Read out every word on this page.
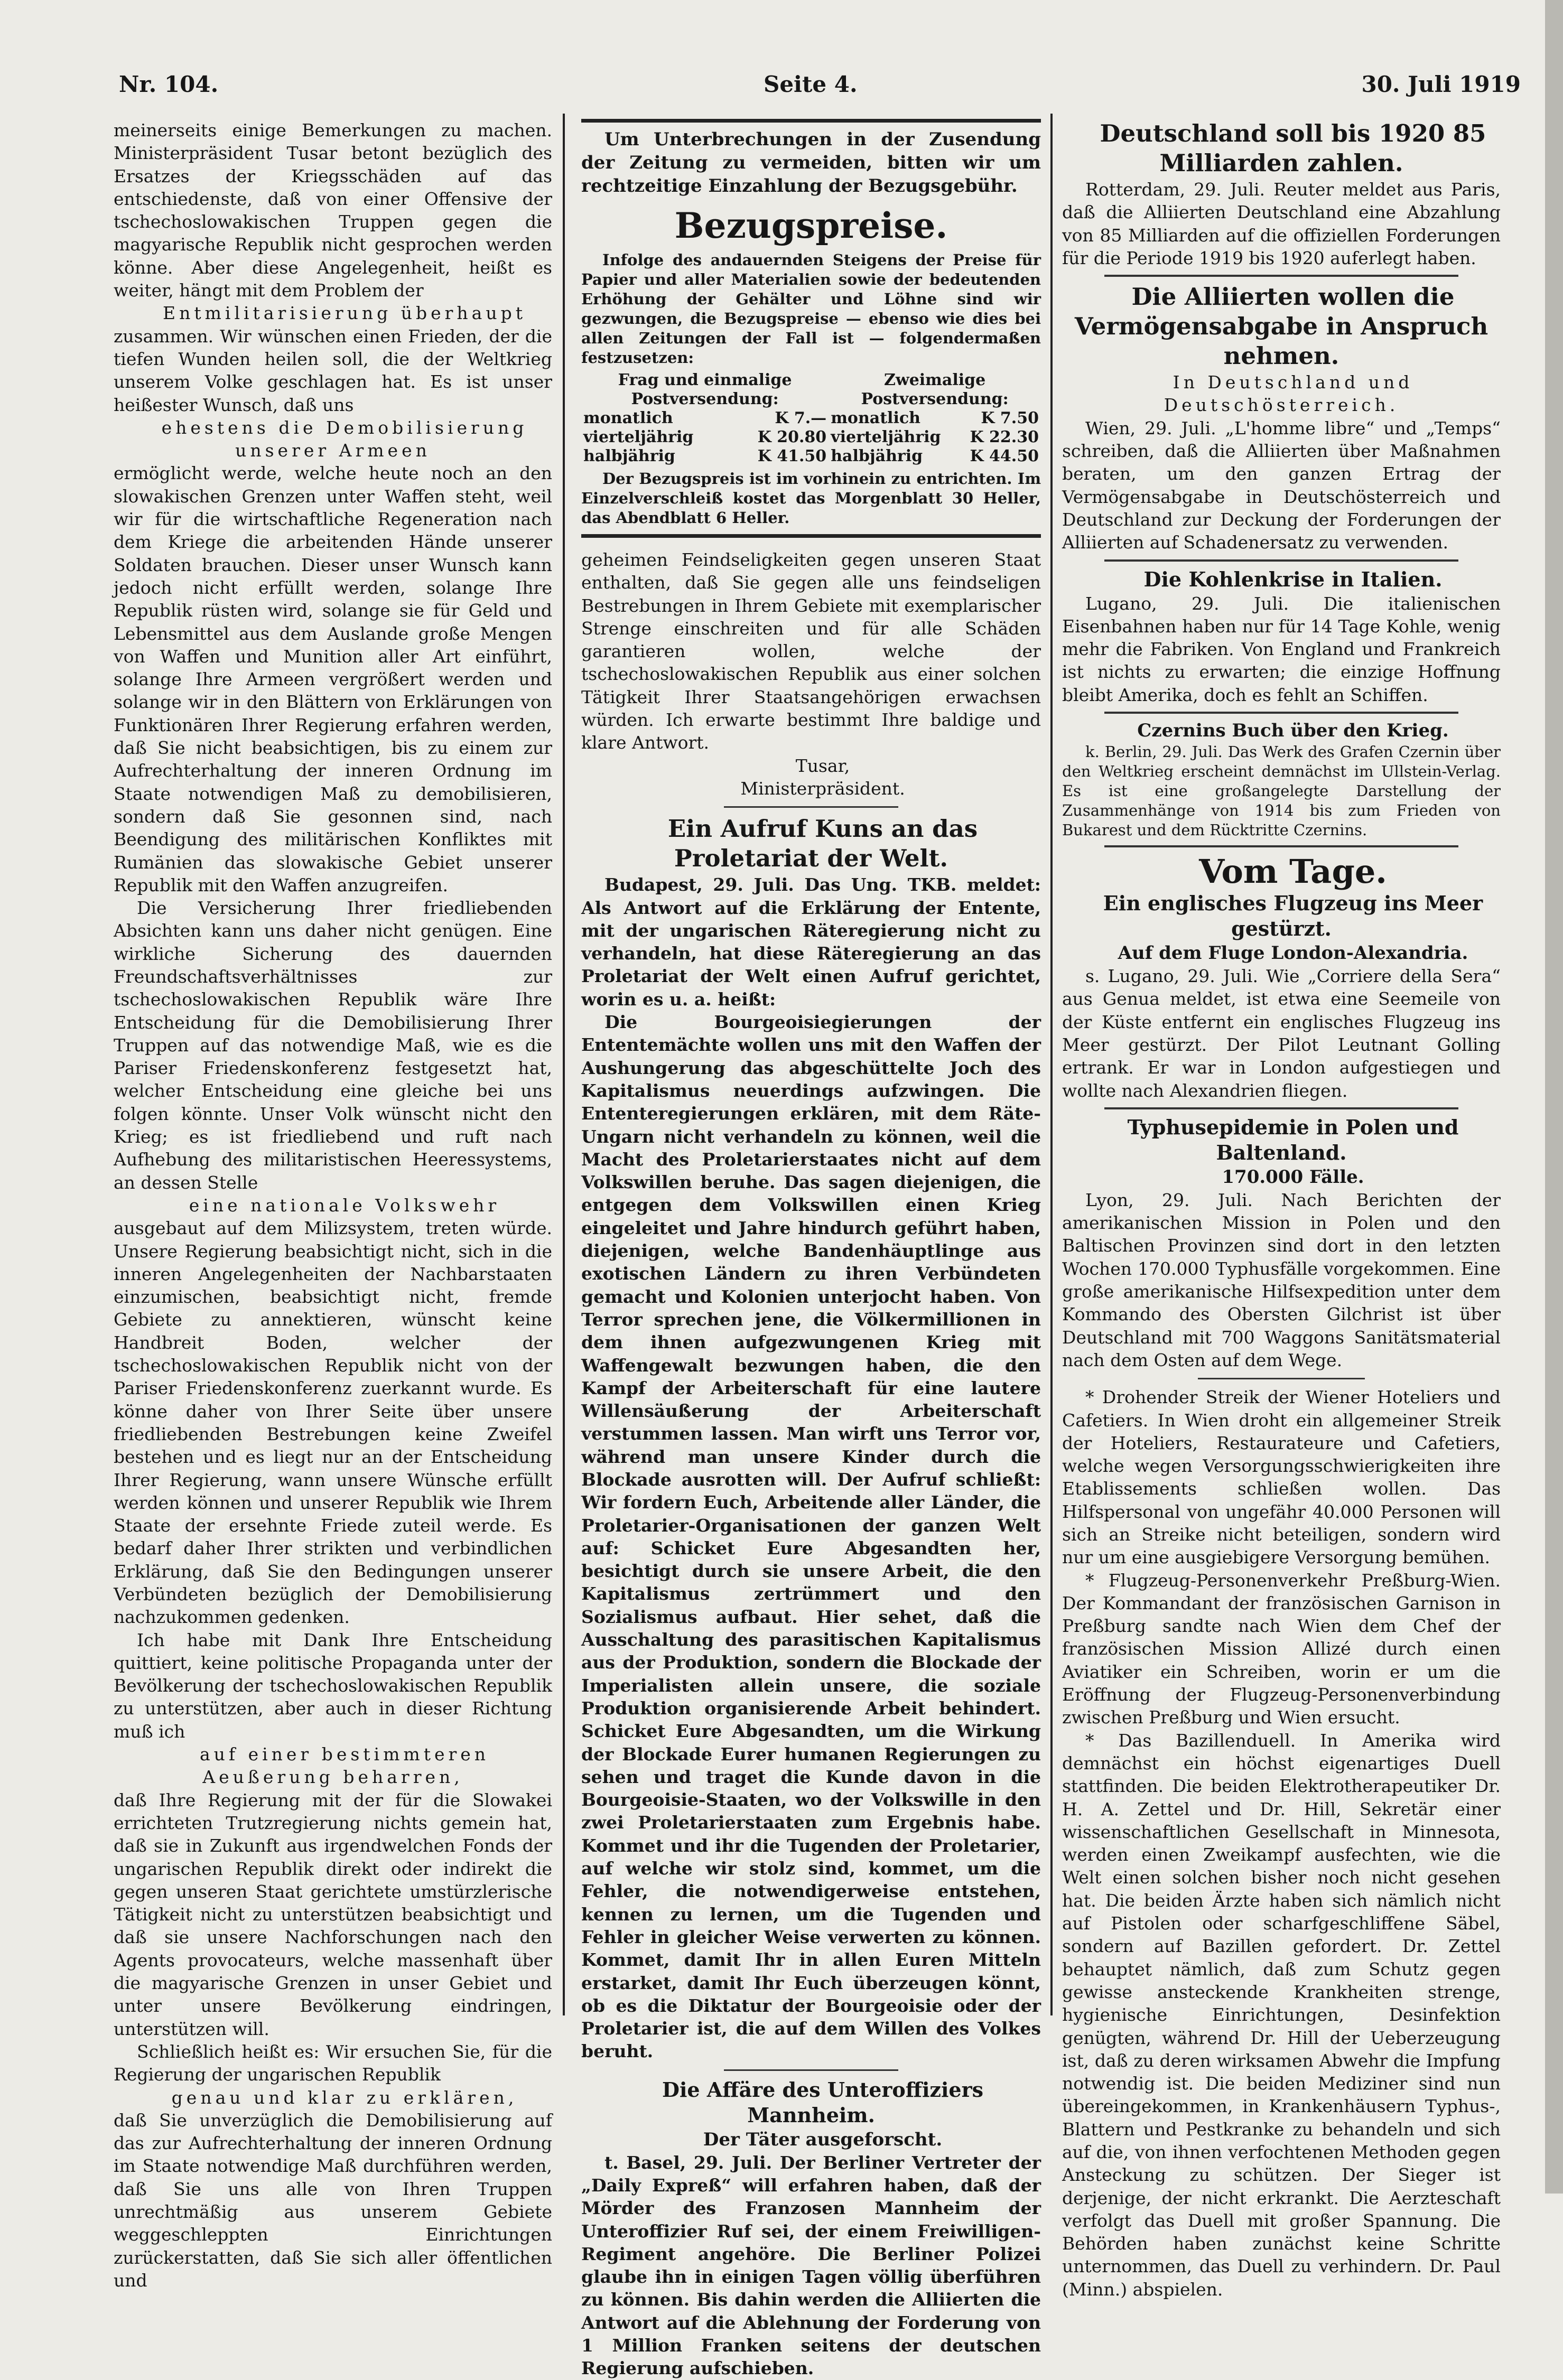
Nr. 104.	Seite 4.	30. Juli 1919

meinerseits einige Bemerkungen zu machen. Ministerpräsident Tusar betont bezüglich des Ersatzes der Kriegsschäden auf das entschiedenste, daß von einer Offensive der tschechoslowakischen Truppen gegen die magyarische Republik nicht gesprochen werden könne. Aber diese Angelegenheit, heißt es weiter, hängt mit dem Problem der

Entmilitarisierung überhaupt

zusammen. Wir wünschen einen Frieden, der die tiefen Wunden heilen soll, die der Weltkrieg unserem Volke geschlagen hat. Es ist unser heißester Wunsch, daß uns

ehestens die Demobilisierung unserer Armeen

ermöglicht werde, welche heute noch an den slowakischen Grenzen unter Waffen steht, weil wir für die wirtschaftliche Regeneration nach dem Kriege die arbeitenden Hände unserer Soldaten brauchen. Dieser unser Wunsch kann jedoch nicht erfüllt werden, solange Ihre Republik rüsten wird, solange sie für Geld und Lebensmittel aus dem Auslande große Mengen von Waffen und Munition aller Art einführt, solange Ihre Armeen vergrößert werden und solange wir in den Blättern von Erklärungen von Funktionären Ihrer Regierung erfahren werden, daß Sie nicht beabsichtigen, bis zu einem zur Aufrechterhaltung der inneren Ordnung im Staate notwendigen Maß zu demobilisieren, sondern daß Sie gesonnen sind, nach Beendigung des militärischen Konfliktes mit Rumänien das slowakische Gebiet unserer Republik mit den Waffen anzugreifen.

Die Versicherung Ihrer friedliebenden Absichten kann uns daher nicht genügen. Eine wirkliche Sicherung des dauernden Freundschaftsverhältnisses zur tschechoslowakischen Republik wäre Ihre Entscheidung für die Demobilisierung Ihrer Truppen auf das notwendige Maß, wie es die Pariser Friedenskonferenz festgesetzt hat, welcher Entscheidung eine gleiche bei uns folgen könnte. Unser Volk wünscht nicht den Krieg; es ist friedliebend und ruft nach Aufhebung des militaristischen Heeressystems, an dessen Stelle

eine nationale Volkswehr

ausgebaut auf dem Milizsystem, treten würde. Unsere Regierung beabsichtigt nicht, sich in die inneren Angelegenheiten der Nachbarstaaten einzumischen, beabsichtigt nicht, fremde Gebiete zu annektieren, wünscht keine Handbreit Boden, welcher der tschechoslowakischen Republik nicht von der Pariser Friedenskonferenz zuerkannt wurde. Es könne daher von Ihrer Seite über unsere friedliebenden Bestrebungen keine Zweifel bestehen und es liegt nur an der Entscheidung Ihrer Regierung, wann unsere Wünsche erfüllt werden können und unserer Republik wie Ihrem Staate der ersehnte Friede zuteil werde. Es bedarf daher Ihrer strikten und verbindlichen Erklärung, daß Sie den Bedingungen unserer Verbündeten bezüglich der Demobilisierung nachzukommen gedenken.

Ich habe mit Dank Ihre Entscheidung quittiert, keine politische Propaganda unter der Bevölkerung der tschechoslowakischen Republik zu unterstützen, aber auch in dieser Richtung muß ich

auf einer bestimmteren Aeußerung beharren,

daß Ihre Regierung mit der für die Slowakei errichteten Trutzregierung nichts gemein hat, daß sie in Zukunft aus irgendwelchen Fonds der ungarischen Republik direkt oder indirekt die gegen unseren Staat gerichtete umstürzlerische Tätigkeit nicht zu unterstützen beabsichtigt und daß sie unsere Nachforschungen nach den Agents provocateurs, welche massenhaft über die magyarische Grenzen in unser Gebiet und unter unsere Bevölkerung eindringen, unterstützen will.

Schließlich heißt es: Wir ersuchen Sie, für die Regierung der ungarischen Republik

genau und klar zu erklären,

daß Sie unverzüglich die Demobilisierung auf das zur Aufrechterhaltung der inneren Ordnung im Staate notwendige Maß durchführen werden, daß Sie uns alle von Ihren Truppen unrechtmäßig aus unserem Gebiete weggeschleppten Einrichtungen zurückerstatten, daß Sie sich aller öffentlichen und

Um Unterbrechungen in der Zusendung der Zeitung zu vermeiden, bitten wir um rechtzeitige Einzahlung der Bezugsgebühr.

Bezugspreise.

Infolge des andauernden Steigens der Preise für Papier und aller Materialien sowie der bedeutenden Erhöhung der Gehälter und Löhne sind wir gezwungen, die Bezugspreise — ebenso wie dies bei allen Zeitungen der Fall ist — folgendermaßen festzusetzen:

Frag und einmalige Postversendung:		Zweimalige Postversendung:	
monatlich	K 7.—	monatlich	K 7.50
vierteljährig	K 20.80	vierteljährig	K 22.30
halbjährig	K 41.50	halbjährig	K 44.50

Der Bezugspreis ist im vorhinein zu entrichten. Im Einzelverschleiß kostet das Morgenblatt 30 Heller, das Abendblatt 6 Heller.

geheimen Feindseligkeiten gegen unseren Staat enthalten, daß Sie gegen alle uns feindseligen Bestrebungen in Ihrem Gebiete mit exemplarischer Strenge einschreiten und für alle Schäden garantieren wollen, welche der tschechoslowakischen Republik aus einer solchen Tätigkeit Ihrer Staatsangehörigen erwachsen würden. Ich erwarte bestimmt Ihre baldige und klare Antwort.

Tusar,

Ministerpräsident.

Ein Aufruf Kuns an das Proletariat der Welt.

Budapest, 29. Juli. Das Ung. TKB. meldet: Als Antwort auf die Erklärung der Entente, mit der ungarischen Räteregierung nicht zu verhandeln, hat diese Räteregierung an das Proletariat der Welt einen Aufruf gerichtet, worin es u. a. heißt:

Die Bourgeoisiegierungen der Ententemächte wollen uns mit den Waffen der Aushungerung das abgeschüttelte Joch des Kapitalismus neuerdings aufzwingen. Die Ententeregierungen erklären, mit dem Räte-Ungarn nicht verhandeln zu können, weil die Macht des Proletarierstaates nicht auf dem Volkswillen beruhe. Das sagen diejenigen, die entgegen dem Volkswillen einen Krieg eingeleitet und Jahre hindurch geführt haben, diejenigen, welche Bandenhäuptlinge aus exotischen Ländern zu ihren Verbündeten gemacht und Kolonien unterjocht haben. Von Terror sprechen jene, die Völkermillionen in dem ihnen aufgezwungenen Krieg mit Waffengewalt bezwungen haben, die den Kampf der Arbeiterschaft für eine lautere Willensäußerung der Arbeiterschaft verstummen lassen. Man wirft uns Terror vor, während man unsere Kinder durch die Blockade ausrotten will. Der Aufruf schließt: Wir fordern Euch, Arbeitende aller Länder, die Proletarier-Organisationen der ganzen Welt auf: Schicket Eure Abgesandten her, besichtigt durch sie unsere Arbeit, die den Kapitalismus zertrümmert und den Sozialismus aufbaut. Hier sehet, daß die Ausschaltung des parasitischen Kapitalismus aus der Produktion, sondern die Blockade der Imperialisten allein unsere, die soziale Produktion organisierende Arbeit behindert. Schicket Eure Abgesandten, um die Wirkung der Blockade Eurer humanen Regierungen zu sehen und traget die Kunde davon in die Bourgeoisie-Staaten, wo der Volkswille in den zwei Proletarierstaaten zum Ergebnis habe. Kommet und ihr die Tugenden der Proletarier, auf welche wir stolz sind, kommet, um die Fehler, die notwendigerweise entstehen, kennen zu lernen, um die Tugenden und Fehler in gleicher Weise verwerten zu können. Kommet, damit Ihr in allen Euren Mitteln erstarket, damit Ihr Euch überzeugen könnt, ob es die Diktatur der Bourgeoisie oder der Proletarier ist, die auf dem Willen des Volkes beruht.

Die Affäre des Unteroffiziers Mannheim.

Der Täter ausgeforscht.

t. Basel, 29. Juli. Der Berliner Vertreter der „Daily Expreß“ will erfahren haben, daß der Mörder des Franzosen Mannheim der Unteroffizier Ruf sei, der einem Freiwilligen-Regiment angehöre. Die Berliner Polizei glaube ihn in einigen Tagen völlig überführen zu können. Bis dahin werden die Alliierten die Antwort auf die Ablehnung der Forderung von 1 Million Franken seitens der deutschen Regierung aufschieben.

Deutschland soll bis 1920 85 Milliarden zahlen.

Rotterdam, 29. Juli. Reuter meldet aus Paris, daß die Alliierten Deutschland eine Abzahlung von 85 Milliarden auf die offiziellen Forderungen für die Periode 1919 bis 1920 auferlegt haben.

Die Alliierten wollen die Vermögensabgabe in Anspruch nehmen.

In Deutschland und Deutschösterreich.

Wien, 29. Juli. „L'homme libre“ und „Temps“ schreiben, daß die Alliierten über Maßnahmen beraten, um den ganzen Ertrag der Vermögensabgabe in Deutschösterreich und Deutschland zur Deckung der Forderungen der Alliierten auf Schadenersatz zu verwenden.

Die Kohlenkrise in Italien.

Lugano, 29. Juli. Die italienischen Eisenbahnen haben nur für 14 Tage Kohle, wenig mehr die Fabriken. Von England und Frankreich ist nichts zu erwarten; die einzige Hoffnung bleibt Amerika, doch es fehlt an Schiffen.

Czernins Buch über den Krieg.

k. Berlin, 29. Juli. Das Werk des Grafen Czernin über den Weltkrieg erscheint demnächst im Ullstein-Verlag. Es ist eine großangelegte Darstellung der Zusammenhänge von 1914 bis zum Frieden von Bukarest und dem Rücktritte Czernins.

Vom Tage.

Ein englisches Flugzeug ins Meer gestürzt.

Auf dem Fluge London-Alexandria.

s. Lugano, 29. Juli. Wie „Corriere della Sera“ aus Genua meldet, ist etwa eine Seemeile von der Küste entfernt ein englisches Flugzeug ins Meer gestürzt. Der Pilot Leutnant Golling ertrank. Er war in London aufgestiegen und wollte nach Alexandrien fliegen.

Typhusepidemie in Polen und Baltenland.

170.000 Fälle.

Lyon, 29. Juli. Nach Berichten der amerikanischen Mission in Polen und den Baltischen Provinzen sind dort in den letzten Wochen 170.000 Typhusfälle vorgekommen. Eine große amerikanische Hilfsexpedition unter dem Kommando des Obersten Gilchrist ist über Deutschland mit 700 Waggons Sanitätsmaterial nach dem Osten auf dem Wege.

* Drohender Streik der Wiener Hoteliers und Cafetiers. In Wien droht ein allgemeiner Streik der Hoteliers, Restaurateure und Cafetiers, welche wegen Versorgungsschwierigkeiten ihre Etablissements schließen wollen. Das Hilfspersonal von ungefähr 40.000 Personen will sich an Streike nicht beteiligen, sondern wird nur um eine ausgiebigere Versorgung bemühen.

* Flugzeug-Personenverkehr Preßburg-Wien. Der Kommandant der französischen Garnison in Preßburg sandte nach Wien dem Chef der französischen Mission Allizé durch einen Aviatiker ein Schreiben, worin er um die Eröffnung der Flugzeug-Personenverbindung zwischen Preßburg und Wien ersucht.

* Das Bazillenduell. In Amerika wird demnächst ein höchst eigenartiges Duell stattfinden. Die beiden Elektrotherapeutiker Dr. H. A. Zettel und Dr. Hill, Sekretär einer wissenschaftlichen Gesellschaft in Minnesota, werden einen Zweikampf ausfechten, wie die Welt einen solchen bisher noch nicht gesehen hat. Die beiden Ärzte haben sich nämlich nicht auf Pistolen oder scharfgeschliffene Säbel, sondern auf Bazillen gefordert. Dr. Zettel behauptet nämlich, daß zum Schutz gegen gewisse ansteckende Krankheiten strenge, hygienische Einrichtungen, Desinfektion genügten, während Dr. Hill der Ueberzeugung ist, daß zu deren wirksamen Abwehr die Impfung notwendig ist. Die beiden Mediziner sind nun übereingekommen, in Krankenhäusern Typhus-, Blattern und Pestkranke zu behandeln und sich auf die, von ihnen verfochtenen Methoden gegen Ansteckung zu schützen. Der Sieger ist derjenige, der nicht erkrankt. Die Aerzteschaft verfolgt das Duell mit großer Spannung. Die Behörden haben zunächst keine Schritte unternommen, das Duell zu verhindern. Dr. Paul (Minn.) abspielen.
